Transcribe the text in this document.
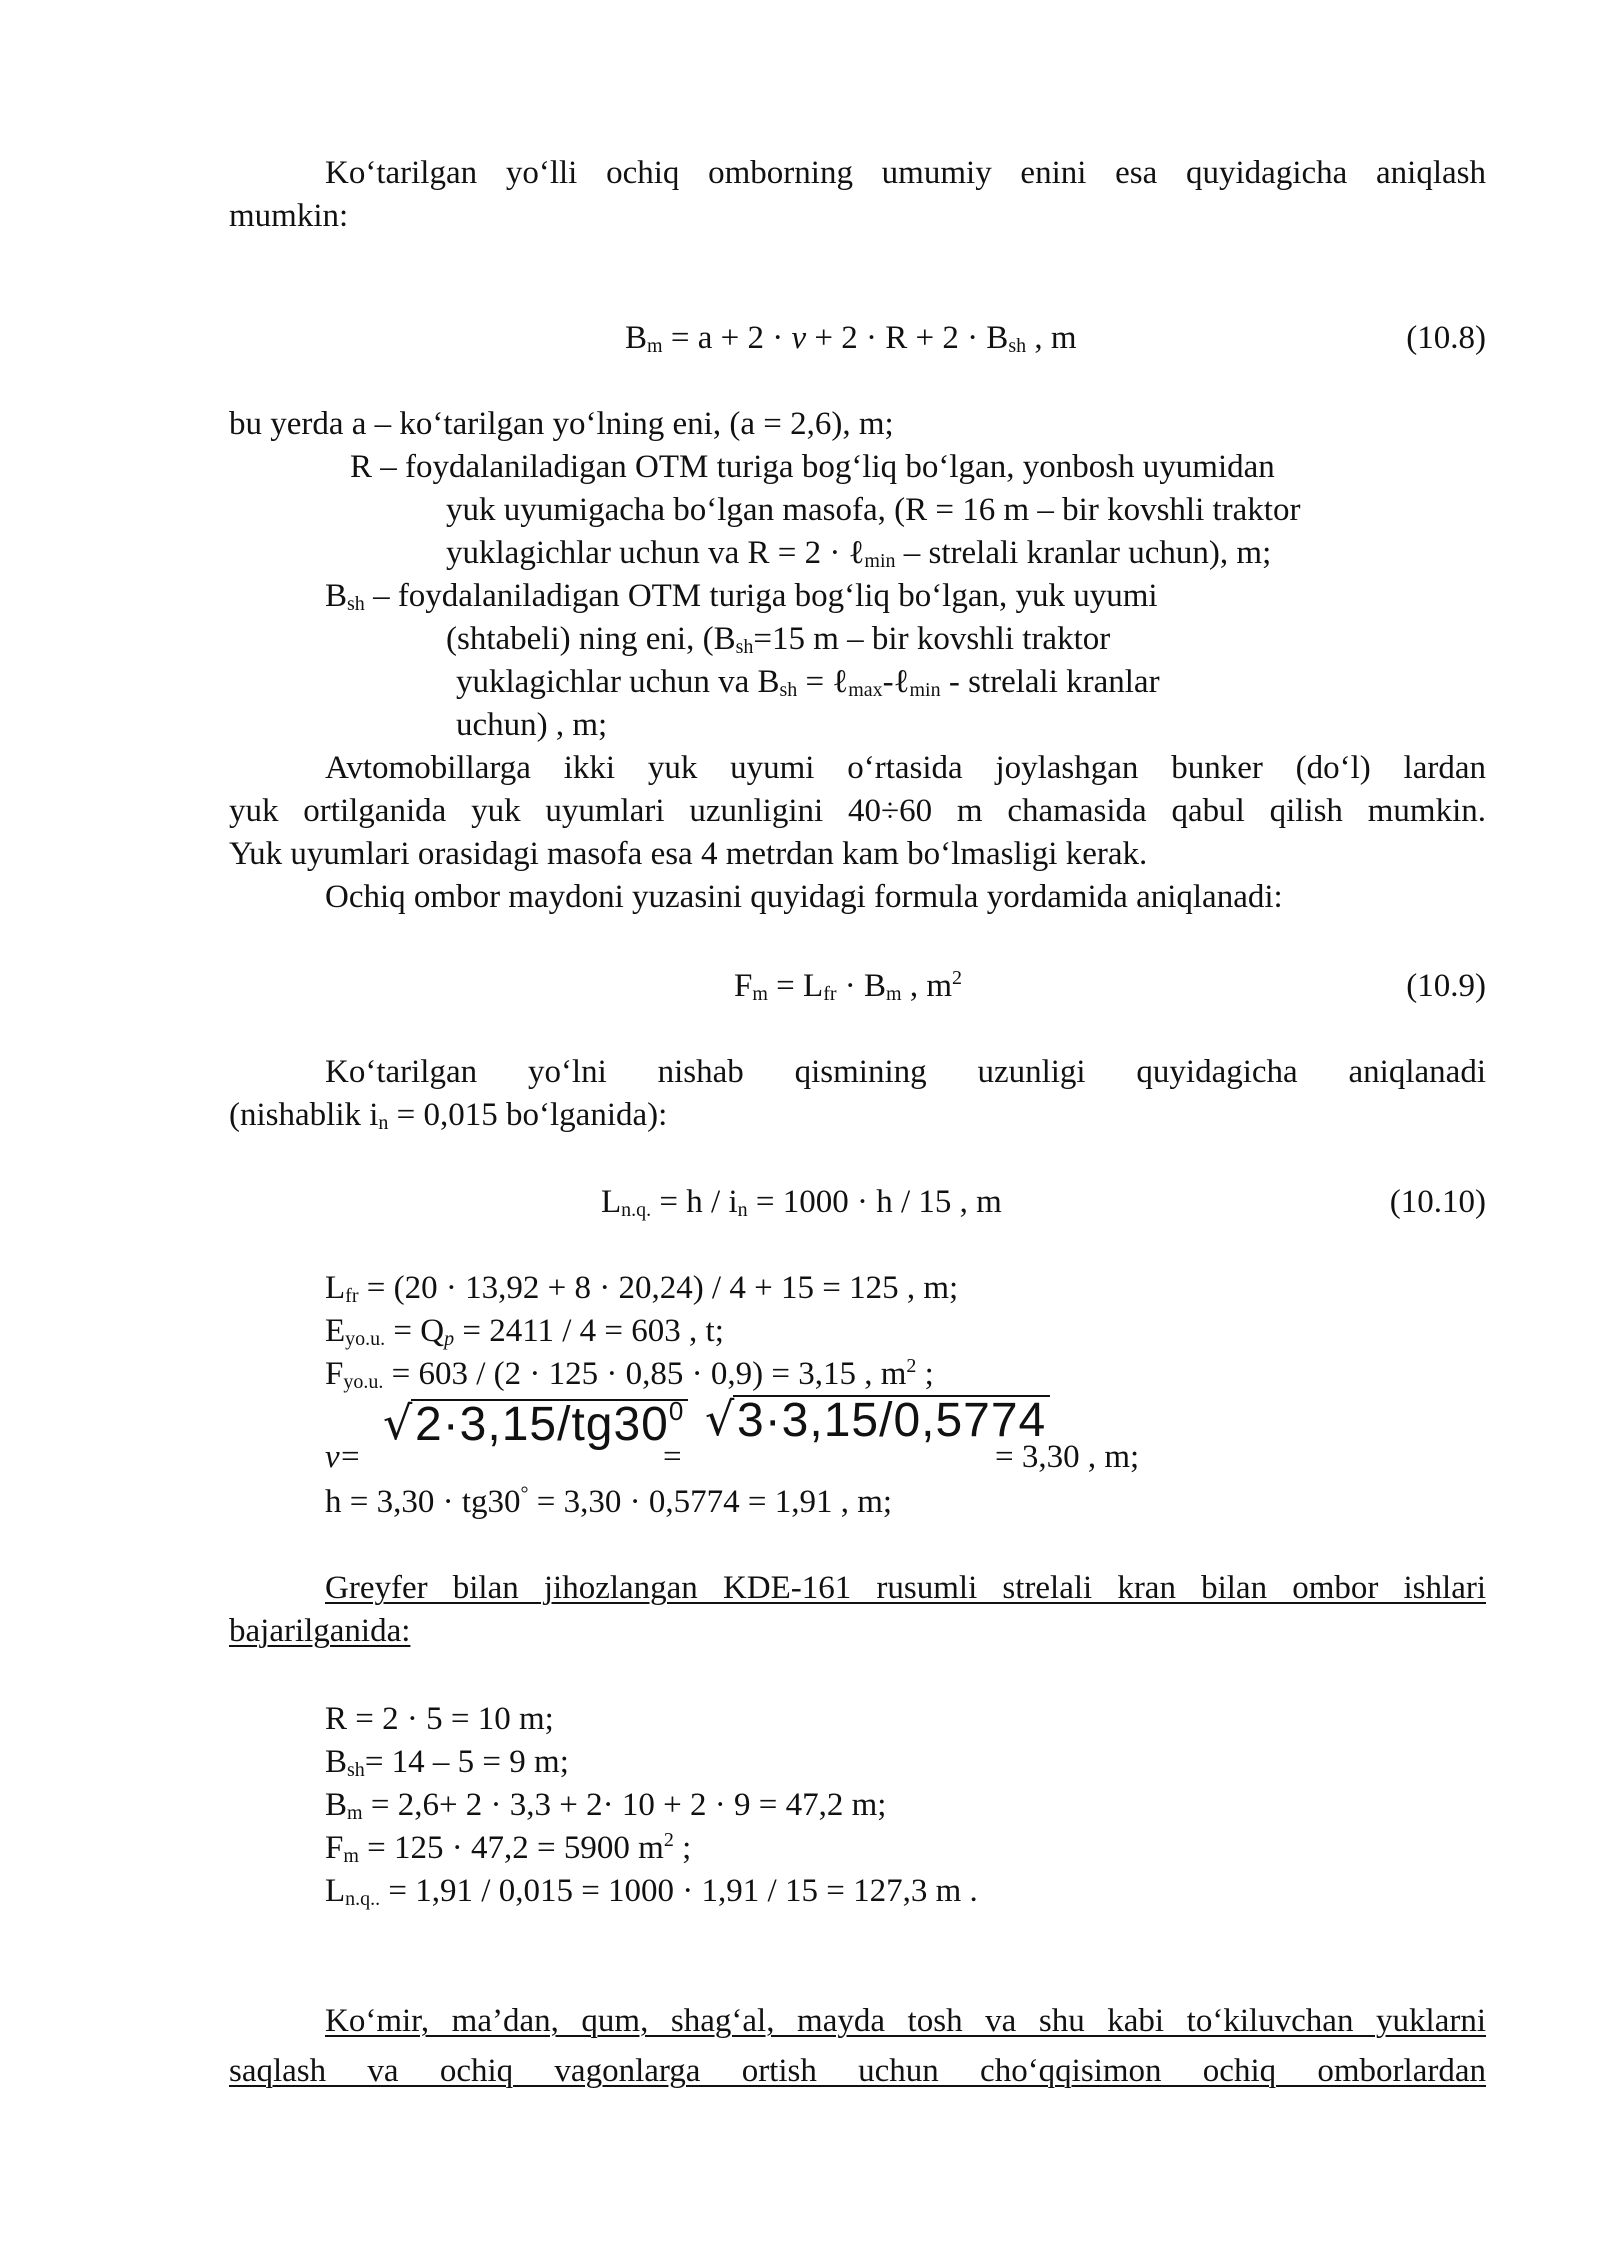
Ko‘tarilgan yo‘lli ochiq omborning umumiy enini esa quyidagicha aniqlash
mumkin:
$B_m = a + 2 \cdot v + 2 \cdot R + 2 \cdot B_{sh}$ , m	(10.8)
bu yerda a – ko‘tarilgan yo‘lning eni, (a = 2,6), m;
R – foydalaniladigan OTM turiga bog‘liq bo‘lgan, yonbosh uyumidan
yuk uyumigacha bo‘lgan masofa, (R = 16 m – bir kovshli traktor
yuklagichlar uchun va R = 2 · ℓ$_{min}$ – strelali kranlar uchun), m;
$B_{sh}$ – foydalaniladigan OTM turiga bog‘liq bo‘lgan, yuk uyumi
(shtabeli) ning eni, ($B_{sh}=15$ m – bir kovshli traktor
yuklagichlar uchun va $B_{sh}$ = ℓ$_{max}$-ℓ$_{min}$ - strelali kranlar
uchun) , m;
Avtomobillarga ikki yuk uyumi o‘rtasida joylashgan bunker (do‘l) lardan
yuk ortilganida yuk uyumlari uzunligini 40÷60 m chamasida qabul qilish mumkin.
Yuk uyumlari orasidagi masofa esa 4 metrdan kam bo‘lmasligi kerak.
Ochiq ombor maydoni yuzasini quyidagi formula yordamida aniqlanadi:
$F_m = L_{fr} \cdot B_m$ , $m^2$	(10.9)
Ko‘tarilgan yo‘lni nishab qismining uzunligi quyidagicha aniqlanadi
(nishablik $i_n = 0,015$ bo‘lganida):
$L_{n.q.} = h / i_n = 1000 \cdot h / 15$ , m	(10.10)
$L_{fr} = (20 \cdot 13,92 + 8 \cdot 20,24) / 4 + 15 = 125$ , m;
$E_{yo.u.} = Q_p = 2411 / 4 = 603$ , t;
$F_{yo.u.} = 603 / (2 \cdot 125 \cdot 0,85 \cdot 0,9) = 3,15$ , $m^2$ ;
v =
√ $2\cdot 3,15/tg30^0$
=
√ 3·3,15/0,5774
= 3,30 , m;
h = 3,30 · tg30° = 3,30 · 0,5774 = 1,91 , m;
Greyfer bilan jihozlangan KDE-161 rusumli strelali kran bilan ombor ishlari
bajarilganida:
R = 2 · 5 = 10 m;
$B_{sh}= 14 - 5 = 9$ m;
$B_m = 2,6+ 2 \cdot 3,3 + 2\cdot 10 + 2 \cdot 9 = 47,2$ m;
$F_m = 125 \cdot 47,2 = 5900$ $m^2$ ;
$L_{n.q..} = 1,91 / 0,015 = 1000 \cdot 1,91 / 15 = 127,3$ m .
Ko‘mir, ma’dan, qum, shag‘al, mayda tosh va shu kabi to‘kiluvchan yuklarni
saqlash va ochiq vagonlarga ortish uchun cho‘qqisimon ochiq omborlardan
